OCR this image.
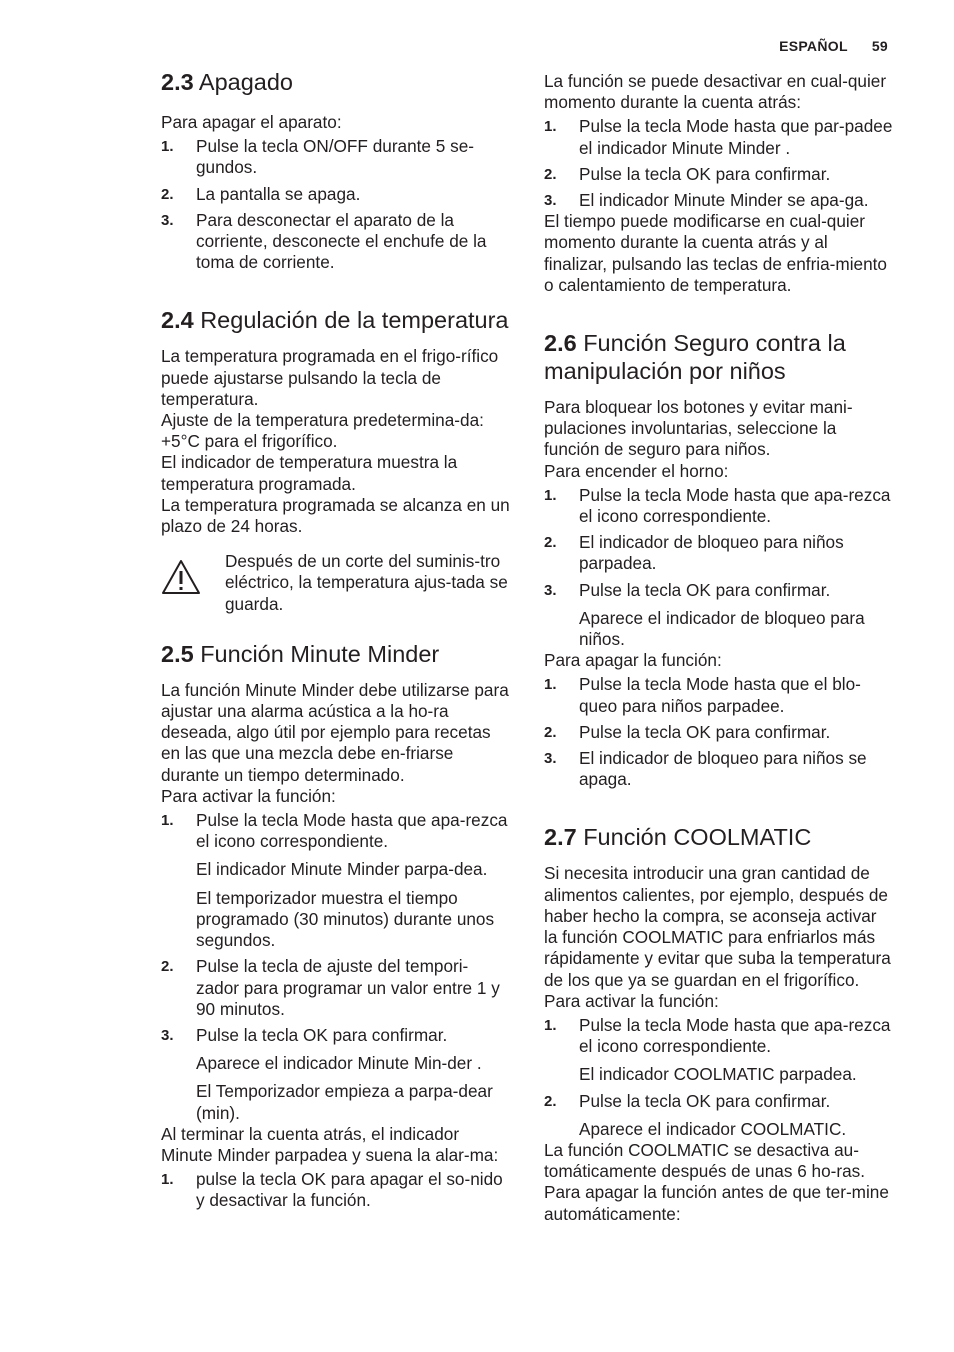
ESPAÑOL 59
2.3 Apagado

Para apagar el aparato:

1. Pulse la tecla ON/OFF durante 5 se-gundos.
2. La pantalla se apaga.
3. Para desconectar el aparato de la corriente, desconecte el enchufe de la toma de corriente.
2.4 Regulación de la temperatura

La temperatura programada en el frigo-rífico puede ajustarse pulsando la tecla de temperatura.

Ajuste de la temperatura predetermina-da: +5°C para el frigorífico.

El indicador de temperatura muestra la temperatura programada.

La temperatura programada se alcanza en un plazo de 24 horas.

Después de un corte del suminis-tro eléctrico, la temperatura ajus-tada se guarda.

2.5 Función Minute Minder

La función Minute Minder debe utilizarse para ajustar una alarma acústica a la ho-ra deseada, algo útil por ejemplo para recetas en las que una mezcla debe en-friarse durante un tiempo determinado.

Para activar la función:

1. Pulse la tecla Mode hasta que apa-rezca el icono correspondiente.
El indicador Minute Minder parpa-dea.
El temporizador muestra el tiempo programado (30 minutos) durante unos segundos.
2. Pulse la tecla de ajuste del tempori-zador para programar un valor entre 1 y 90 minutos.
3. Pulse la tecla OK para confirmar.
Aparece el indicador Minute Min-der .
El Temporizador empieza a parpa-dear (min).

Al terminar la cuenta atrás, el indicador Minute Minder parpadea y suena la alar-ma:

1. pulse la tecla OK para apagar el so-nido y desactivar la función.

La función se puede desactivar en cual-quier momento durante la cuenta atrás:

1. Pulse la tecla Mode hasta que par-padee el indicador Minute Minder .
2. Pulse la tecla OK para confirmar.
3. El indicador Minute Minder se apa-ga.

El tiempo puede modificarse en cual-quier momento durante la cuenta atrás y al finalizar, pulsando las teclas de enfria-miento o calentamiento de temperatura.

2.6 Función Seguro contra la manipulación por niños

Para bloquear los botones y evitar mani-pulaciones involuntarias, seleccione la función de seguro para niños.

Para encender el horno:

1. Pulse la tecla Mode hasta que apa-rezca el icono correspondiente.
2. El indicador de bloqueo para niños parpadea.
3. Pulse la tecla OK para confirmar.
Aparece el indicador de bloqueo para niños.

Para apagar la función:

1. Pulse la tecla Mode hasta que el blo-queo para niños parpadee.
2. Pulse la tecla OK para confirmar.
3. El indicador de bloqueo para niños se apaga.
2.7 Función COOLMATIC

Si necesita introducir una gran cantidad de alimentos calientes, por ejemplo, después de haber hecho la compra, se aconseja activar la función COOLMATIC para enfriarlos más rápidamente y evitar que suba la temperatura de los que ya se guardan en el frigorífico.

Para activar la función:

1. Pulse la tecla Mode hasta que apa-rezca el icono correspondiente.
El indicador COOLMATIC parpadea.
2. Pulse la tecla OK para confirmar.
Aparece el indicador COOLMATIC.

La función COOLMATIC se desactiva au-tomáticamente después de unas 6 ho-ras.

Para apagar la función antes de que ter-mine automáticamente:
